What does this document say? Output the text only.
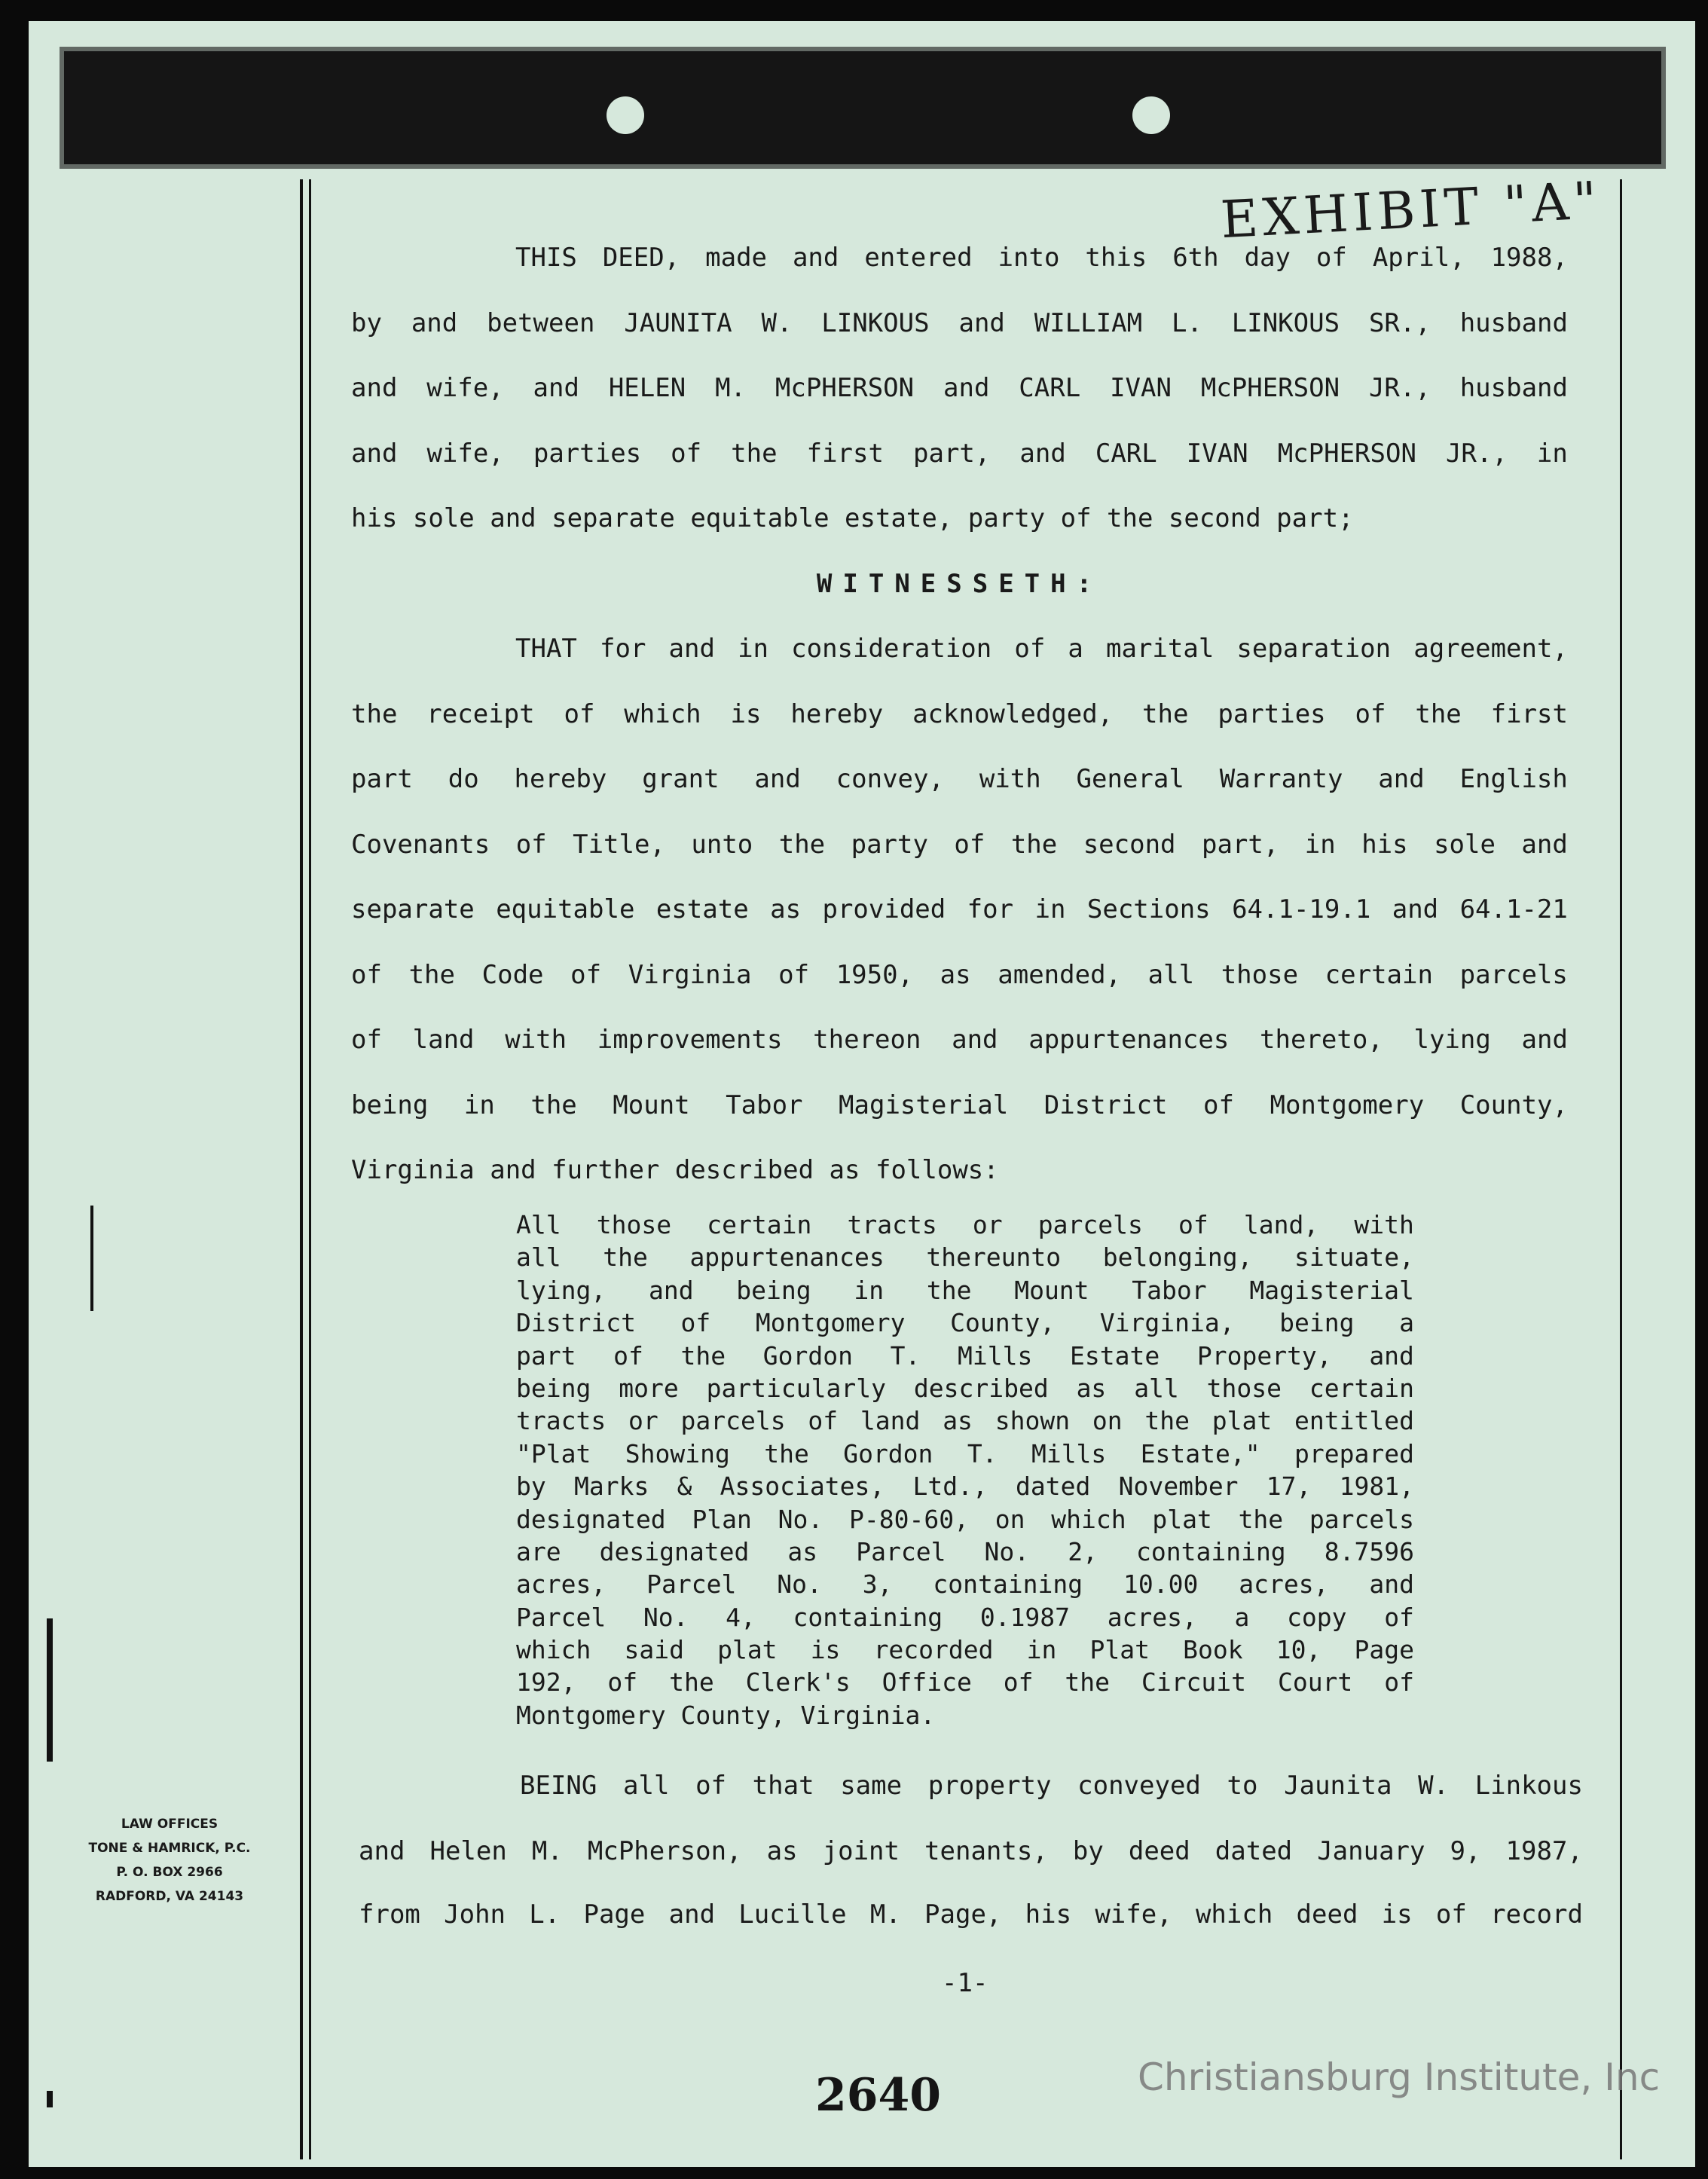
EXHIBIT "A"
THIS DEED, made and entered into this 6th day of April, 1988,
by and between JAUNITA W. LINKOUS and WILLIAM L. LINKOUS SR., husband
and wife, and HELEN M. McPHERSON and CARL IVAN McPHERSON JR., husband
and wife, parties of the first part, and CARL IVAN McPHERSON JR., in
his sole and separate equitable estate, party of the second part;
WITNESSETH:
THAT for and in consideration of a marital separation agreement,
the receipt of which is hereby acknowledged, the parties of the first
part do hereby grant and convey, with General Warranty and English
Covenants of Title, unto the party of the second part, in his sole and
separate equitable estate as provided for in Sections 64.1-19.1 and 64.1-21
of the Code of Virginia of 1950, as amended, all those certain parcels
of land with improvements thereon and appurtenances thereto, lying and
being in the Mount Tabor Magisterial District of Montgomery County,
Virginia and further described as follows:
All those certain tracts or parcels of land, with
all the appurtenances thereunto belonging, situate,
lying, and being in the Mount Tabor Magisterial
District of Montgomery County, Virginia, being a
part of the Gordon T. Mills Estate Property, and
being more particularly described as all those certain
tracts or parcels of land as shown on the plat entitled
"Plat Showing the Gordon T. Mills Estate," prepared
by Marks & Associates, Ltd., dated November 17, 1981,
designated Plan No. P-80-60, on which plat the parcels
are designated as Parcel No. 2, containing 8.7596
acres, Parcel No. 3, containing 10.00 acres, and
Parcel No. 4, containing 0.1987 acres, a copy of
which said plat is recorded in Plat Book 10, Page
192, of the Clerk's Office of the Circuit Court of
Montgomery County, Virginia.
BEING all of that same property conveyed to Jaunita W. Linkous
and Helen M. McPherson, as joint tenants, by deed dated January 9, 1987,
from John L. Page and Lucille M. Page, his wife, which deed is of record
-1-
2640
LAW OFFICES
TONE & HAMRICK, P.C.
P. O. BOX 2966
RADFORD, VA 24143
Christiansburg Institute, Inc
